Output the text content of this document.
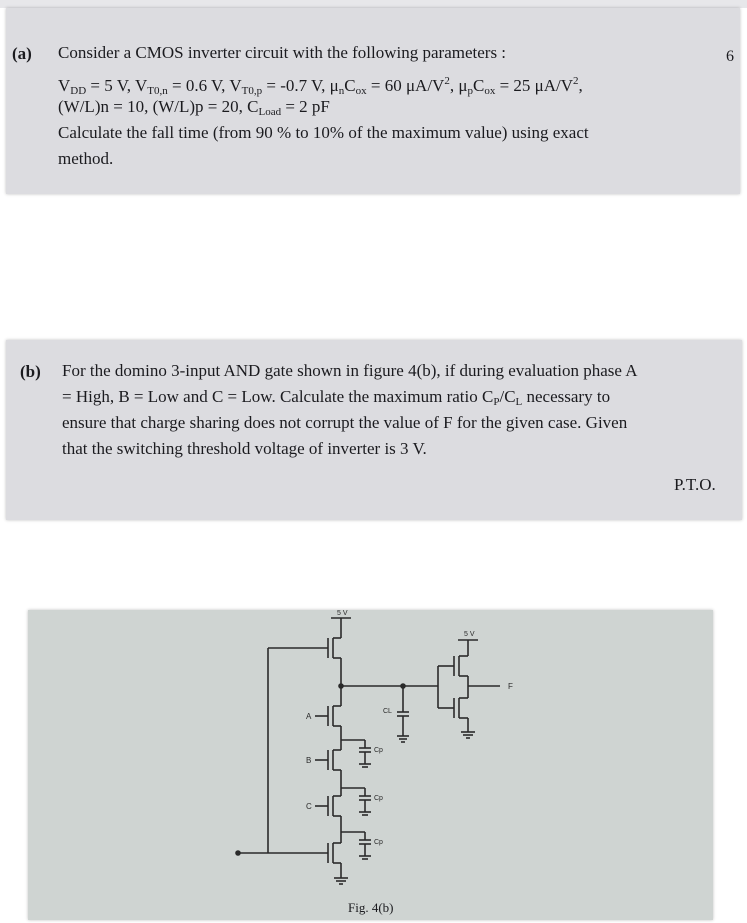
(a)	6
Consider a CMOS inverter circuit with the following parameters :
$V_{DD} = 5$ V, $V_{T0,n} = 0.6$ V, $V_{T0,p} = -0.7$ V, $\mu_nC_{ox} = 60$ $\mu A/V^2$, $\mu_pC_{ox} = 25$ $\mu A/V^2$,
(W/L)n = 10, (W/L)p = 20, $C_{Load} = 2$ pF
Calculate the fall time (from 90 % to 10% of the maximum value) using exact
method.
(b) For the domino 3-input AND gate shown in figure 4(b), if during evaluation phase A
= High, B = Low and C = Low. Calculate the maximum ratio $C_P/C_L$ necessary to
ensure that charge sharing does not corrupt the value of F for the given case. Given
that the switching threshold voltage of inverter is 3 V.
P.T.O.
5 V
CL
A
Cp
B
Cp
C
Cp
5 V
F
Fig. 4(b)
